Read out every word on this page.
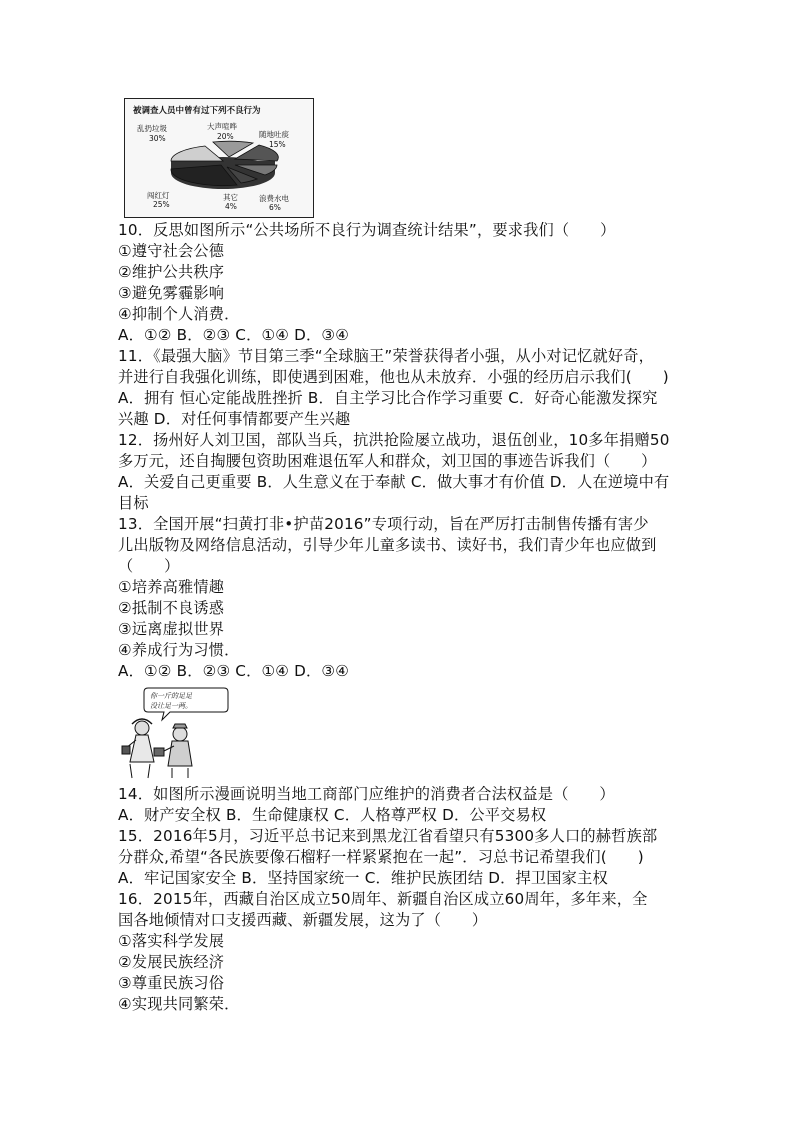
被调查人员中曾有过下列不良行为
乱扔垃圾
30%
大声喧哗
20%	随地吐痰
15%
浪费水电
6%
其它
4%
闯红灯
25%
10．反思如图所示“公共场所不良行为调查统计结果”，要求我们（　　）
①遵守社会公德
②维护公共秩序
③避免雾霾影响
④抑制个人消费．
A．①② B．②③ C．①④ D．③④
11．《最强大脑》节目第三季“全球脑王”荣誉获得者小强，从小对记忆就好奇，
并进行自我强化训练，即使遇到困难，他也从未放弃．小强的经历启示我们(　　)
A．拥有 恒心定能战胜挫折 B．自主学习比合作学习重要 C．好奇心能激发探究
兴趣 D．对任何事情都要产生兴趣
12．扬州好人刘卫国，部队当兵，抗洪抢险屡立战功，退伍创业，10多年捐赠50
多万元，还自掏腰包资助困难退伍军人和群众，刘卫国的事迹告诉我们（　　）
A．关爱自己更重要 B．人生意义在于奉献 C．做大事才有价值 D．人在逆境中有
目标
13．全国开展“扫黄打非•护苗2016”专项行动，旨在严厉打击制售传播有害少
儿出版物及网络信息活动，引导少年儿童多读书、读好书，我们青少年也应做到
（　　）
①培养高雅情趣
②抵制不良诱惑
③远离虚拟世界
④养成行为习惯．
A．①② B．②③ C．①④ D．③④
你一斤的足足
没让足一两。
14．如图所示漫画说明当地工商部门应维护的消费者合法权益是（　　）
A．财产安全权 B．生命健康权 C．人格尊严权 D．公平交易权
15．2016年5月，习近平总书记来到黑龙江省看望只有5300多人口的赫哲族部
分群众,希望“各民族要像石榴籽一样紧紧抱在一起”．习总书记希望我们(　　)
A．牢记国家安全 B．坚持国家统一 C．维护民族团结 D．捍卫国家主权
16．2015年，西藏自治区成立50周年、新疆自治区成立60周年，多年来，全
国各地倾情对口支援西藏、新疆发展，这为了（　　）
①落实科学发展
②发展民族经济
③尊重民族习俗
④实现共同繁荣．
